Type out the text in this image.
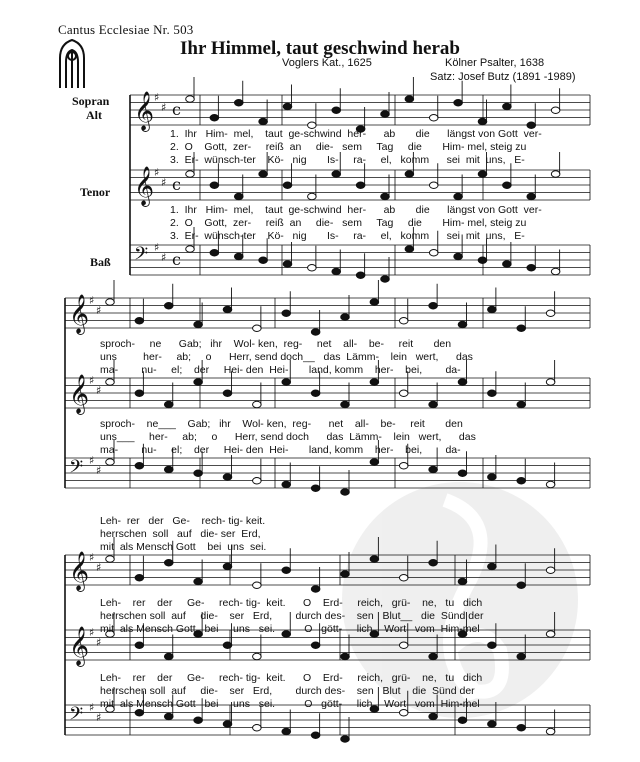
Cantus Ecclesiae Nr. 503
Ihr Himmel, taut geschwind herab
Voglers Kat., 1625	Kölner Psalter, 1638
Satz: Josef Butz (1891 -1989)
Sopran
Alt
Tenor
Baß
𝄞 ♯
♯ c
𝄞 ♯
♯ c
𝄢 ♯
♯ c
𝄞 ♯
♯
𝄞 ♯
♯
𝄢 ♯
♯
𝄞 ♯
♯
𝄞 ♯
♯
𝄢 ♯
♯
1.  Ihr   Him-  mel,    taut  ge-schwind  her-      ab       die      längst von Gott  ver-
2.  O    Gott,  zer-     reiß  an     die-   sem     Tag     die       Him- mel, steig zu
3.  Er-  wünsch-ter    Kö-   nig       Is-     ra-     el,   komm      sei  mit  uns,   E-
1.  Ihr   Him-  mel,    taut  ge-schwind  her-      ab       die      längst von Gott  ver-
2.  O    Gott,  zer-     reiß  an     die-   sem     Tag     die       Him- mel, steig zu
3.  Er-  wünsch-ter    Kö-   nig       Is-     ra-     el,   komm      sei  mit  uns,   E-
sproch-     ne      Gab;   ihr    Wol- ken,  reg-     net    all-    be-     reit       den
uns         her-     ab;     o      Herr, send doch__   das  Lämm-    lein   wert,      das
ma-        nu-     el;    der     Hei- den  Hei-       land, komm    her-    bei,        da-
sproch-    ne___    Gab;   ihr    Wol- ken,  reg-      net    all-    be-     reit       den
uns___     her-     ab;     o      Herr, send doch      das  Lämm-    lein   wert,      das
ma-        nu-     el;    der     Hei- den  Hei-       land, komm    her-    bei,        da-
Leh-  rer   der   Ge-    rech- tig- keit.
herrschen  soll   auf   die- ser  Erd,
mit  als Mensch Gott    bei  uns  sei.
Leh-    rer    der     Ge-     rech- tig-  keit.      O    Erd-     reich,   grü-    ne,   tu   dich
herrschen soll  auf     die-    ser   Erd,        durch des-    sen   Blut__   die  Sünd der
mit  als Mensch Gott   bei     uns   sei.          O   gött-     lich    Wort   vom  Him-mel
Leh-    rer    der     Ge-     rech- tig-  keit.      O    Erd-     reich,   grü-    ne,   tu   dich
herrschen soll  auf     die-    ser   Erd,        durch des-    sen   Blut    die  Sünd der
mit  als Mensch Gott   bei     uns   sei.          O   gött-     lich    Wort   vom  Him-mel
